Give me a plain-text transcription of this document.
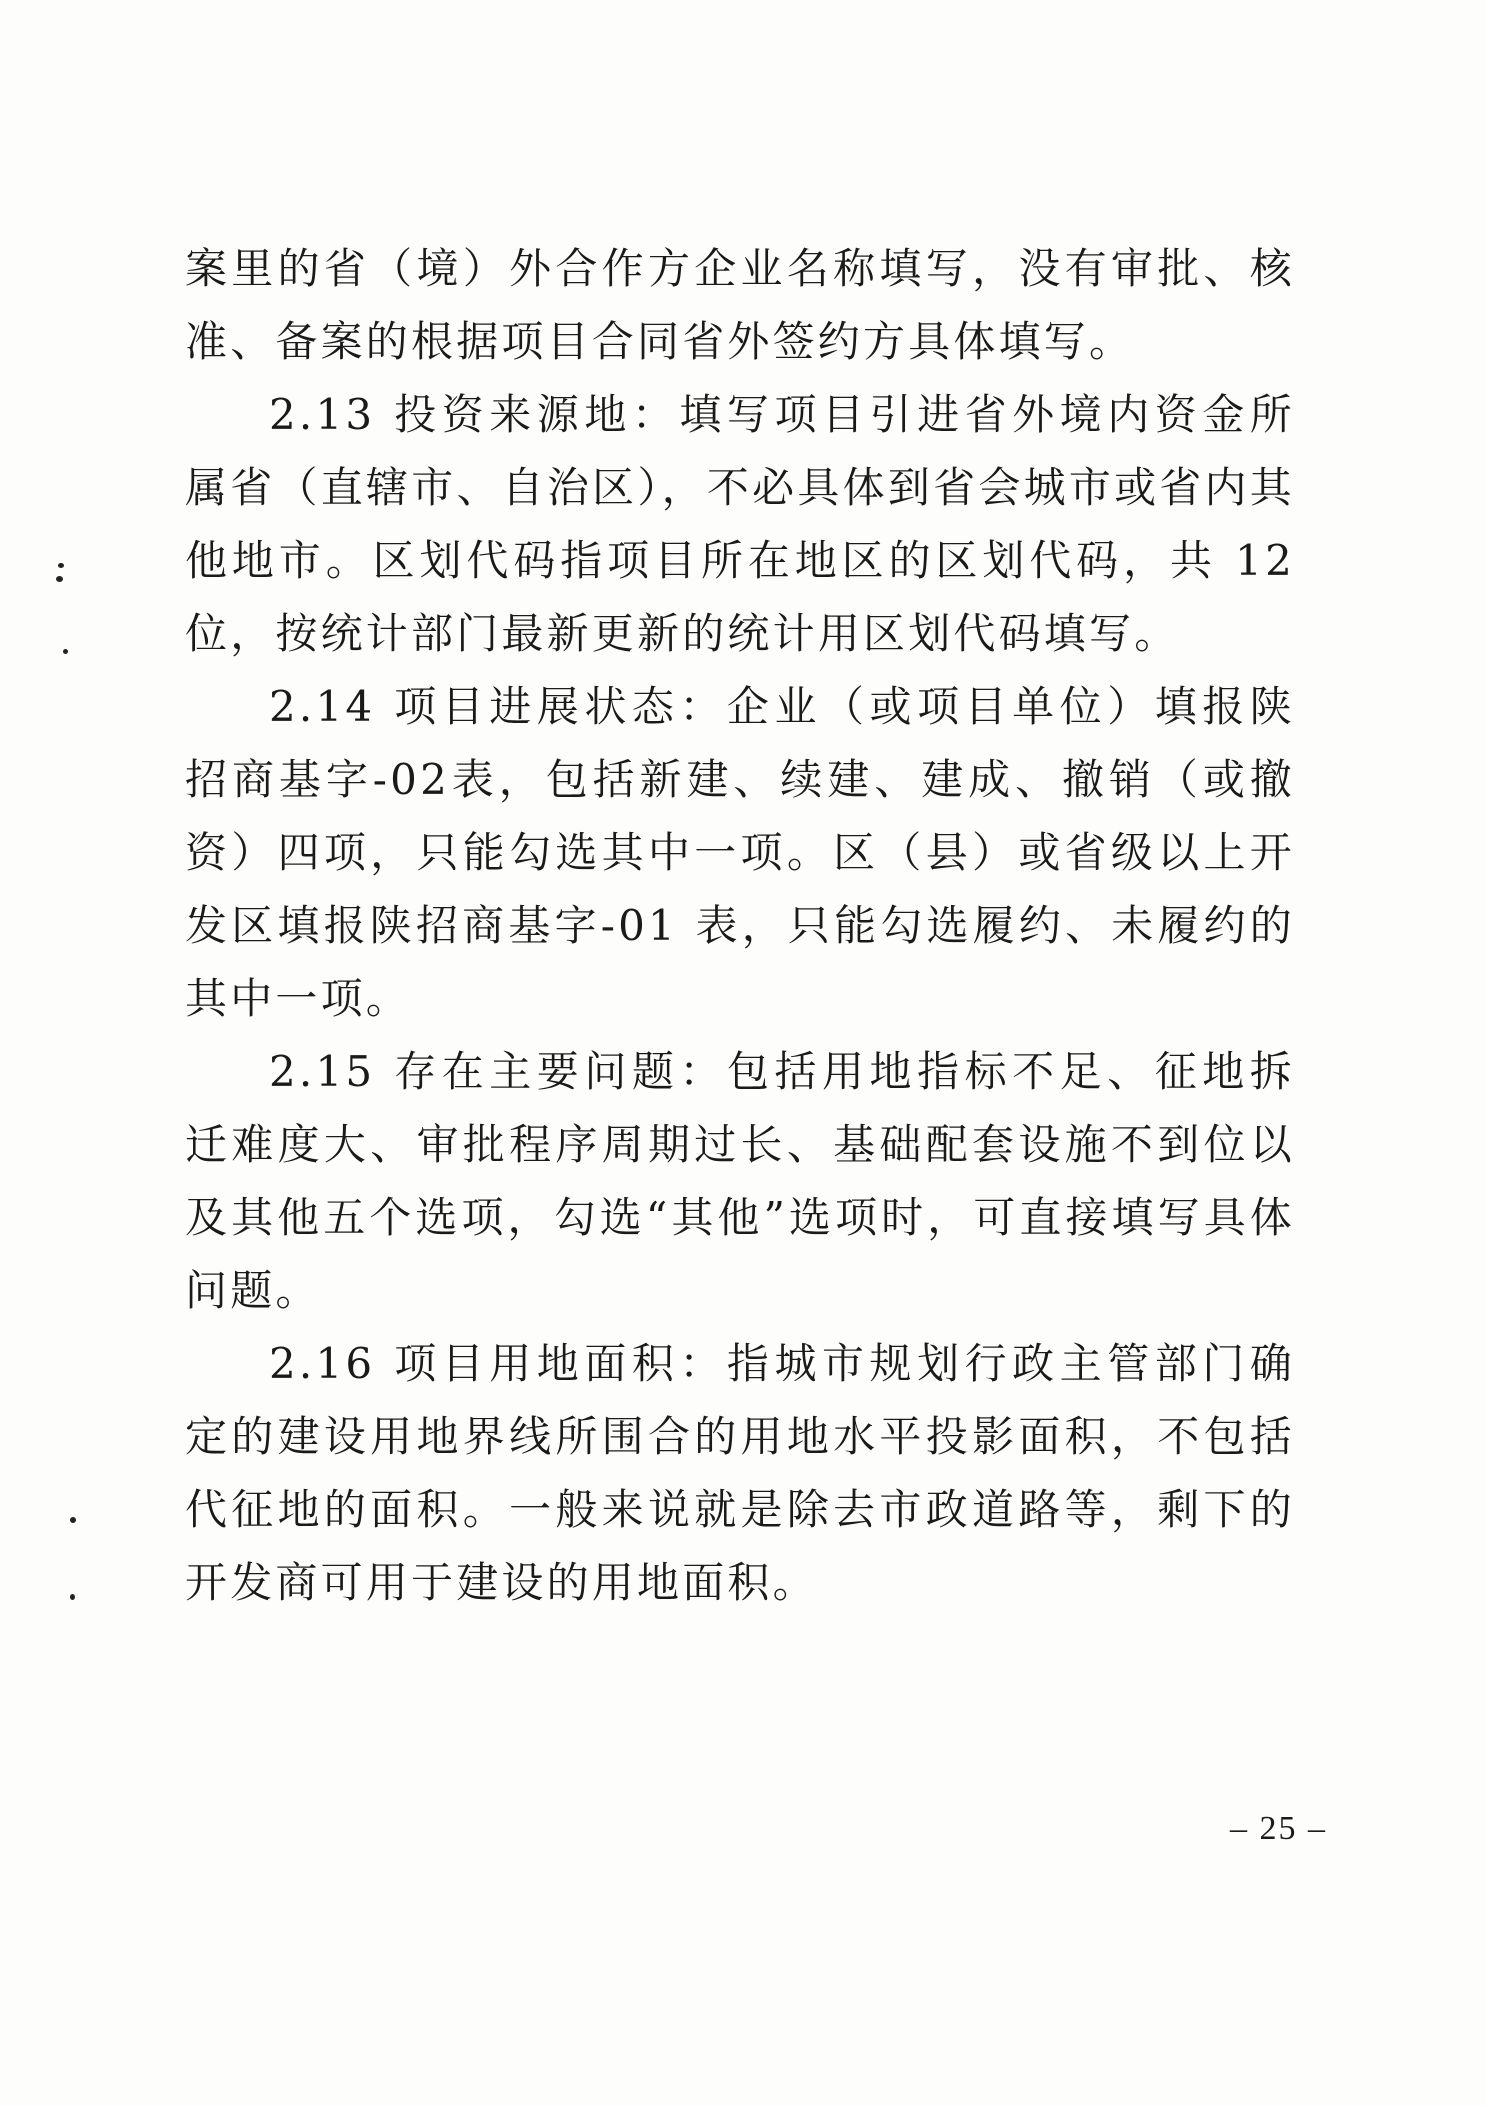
案里的省（境）外合作方企业名称填写，没有审批、核准、备案的根据项目合同省外签约方具体填写。

2.13 投资来源地：填写项目引进省外境内资金所属省（直辖市、自治区），不必具体到省会城市或省内其他地市。区划代码指项目所在地区的区划代码，共 12 位，按统计部门最新更新的统计用区划代码填写。

2.14 项目进展状态：企业（或项目单位）填报陕招商基字-02表，包括新建、续建、建成、撤销（或撤资）四项，只能勾选其中一项。区（县）或省级以上开发区填报陕招商基字-01 表，只能勾选履约、未履约的其中一项。

2.15 存在主要问题：包括用地指标不足、征地拆迁难度大、审批程序周期过长、基础配套设施不到位以及其他五个选项，勾选“其他”选项时，可直接填写具体问题。

2.16 项目用地面积：指城市规划行政主管部门确定的建设用地界线所围合的用地水平投影面积，不包括代征地的面积。一般来说就是除去市政道路等，剩下的开发商可用于建设的用地面积。

– 25 –
